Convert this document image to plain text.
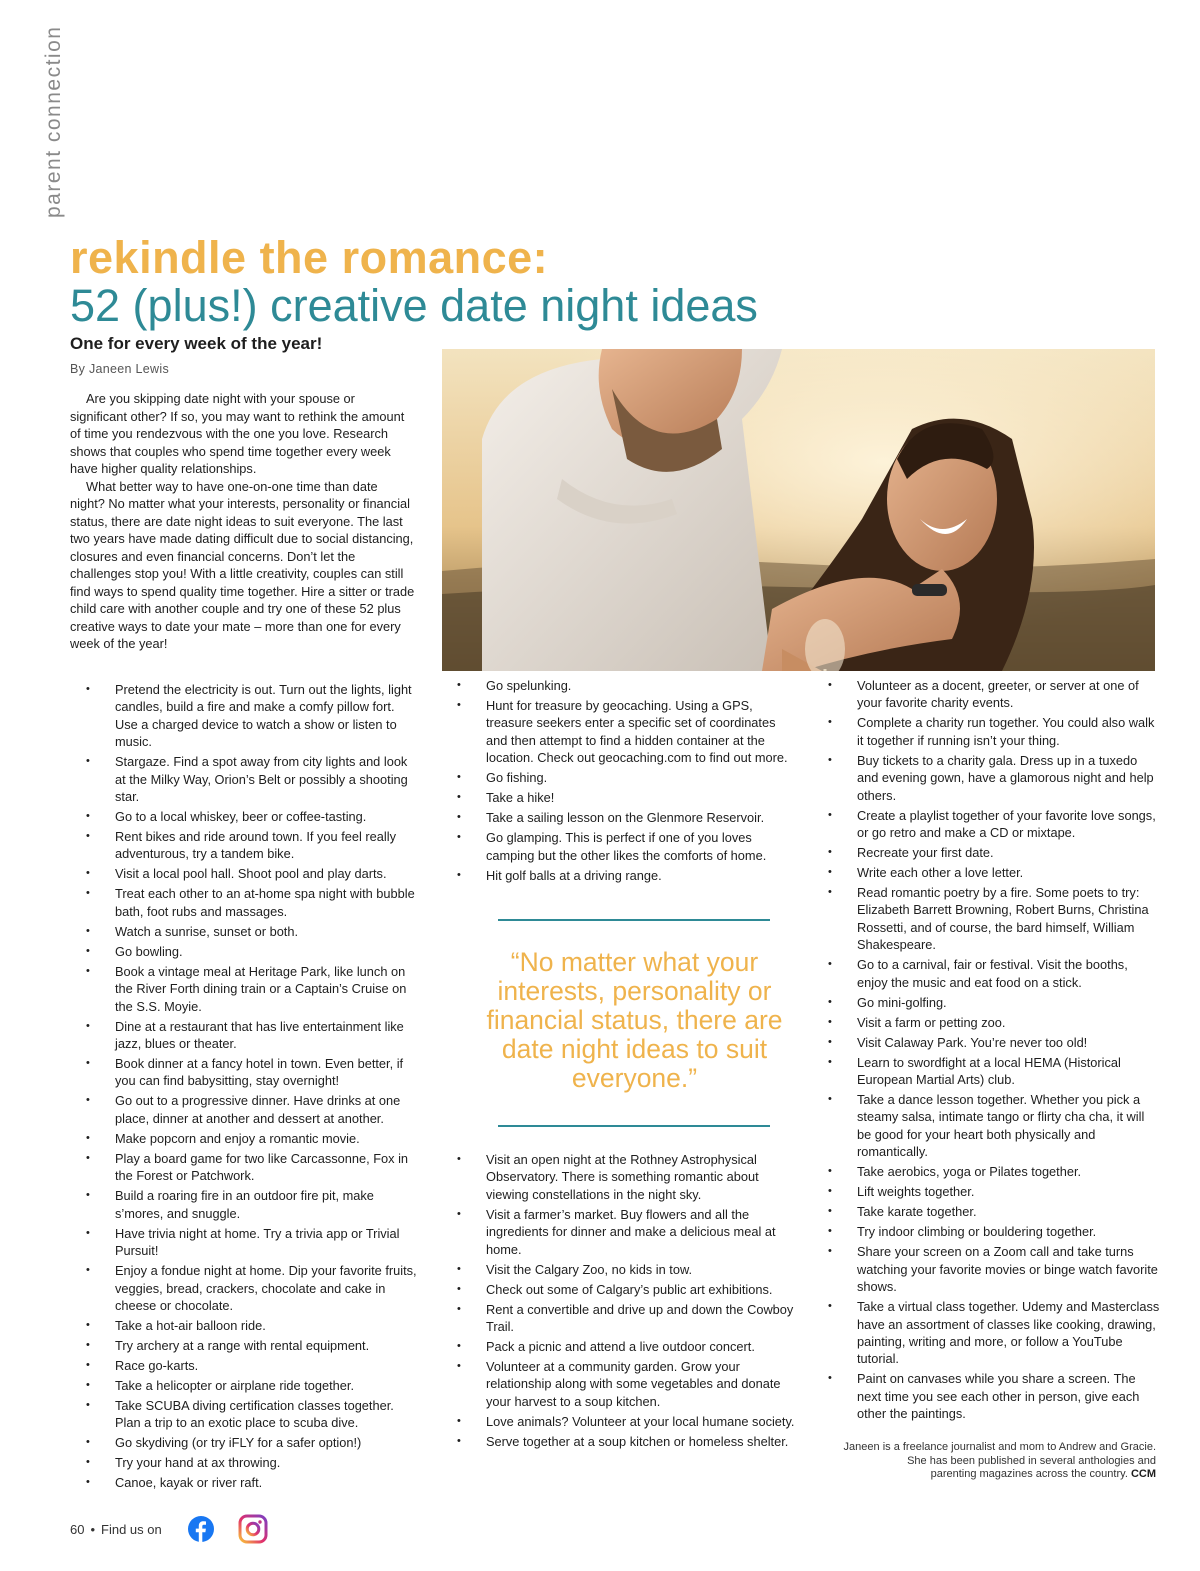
parent connection
rekindle the romance:
52 (plus!) creative date night ideas
One for every week of the year!
By Janeen Lewis

Are you skipping date night with your spouse or significant other? If so, you may want to rethink the amount of time you rendezvous with the one you love. Research shows that couples who spend time together every week have higher quality relationships.

What better way to have one-on-one time than date night? No matter what your interests, personality or financial status, there are date night ideas to suit everyone. The last two years have made dating difficult due to social distancing, closures and even financial concerns. Don’t let the challenges stop you! With a little creativity, couples can still find ways to spend quality time together. Hire a sitter or trade child care with another couple and try one of these 52 plus creative ways to date your mate – more than one for every week of the year!

• Pretend the electricity is out. Turn out the lights, light candles, build a fire and make a comfy pillow fort. Use a charged device to watch a show or listen to music.
• Stargaze. Find a spot away from city lights and look at the Milky Way, Orion’s Belt or possibly a shooting star.
• Go to a local whiskey, beer or coffee-tasting.
• Rent bikes and ride around town. If you feel really adventurous, try a tandem bike.
• Visit a local pool hall. Shoot pool and play darts.
• Treat each other to an at-home spa night with bubble bath, foot rubs and massages.
• Watch a sunrise, sunset or both.
• Go bowling.
• Book a vintage meal at Heritage Park, like lunch on the River Forth dining train or a Captain’s Cruise on the S.S. Moyie.
• Dine at a restaurant that has live entertainment like jazz, blues or theater.
• Book dinner at a fancy hotel in town. Even better, if you can find babysitting, stay overnight!
• Go out to a progressive dinner. Have drinks at one place, dinner at another and dessert at another.
• Make popcorn and enjoy a romantic movie.
• Play a board game for two like Carcassonne, Fox in the Forest or Patchwork.
• Build a roaring fire in an outdoor fire pit, make s’mores, and snuggle.
• Have trivia night at home. Try a trivia app or Trivial Pursuit!
• Enjoy a fondue night at home. Dip your favorite fruits, veggies, bread, crackers, chocolate and cake in cheese or chocolate.
• Take a hot-air balloon ride.
• Try archery at a range with rental equipment.
• Race go-karts.
• Take a helicopter or airplane ride together.
• Take SCUBA diving certification classes together. Plan a trip to an exotic place to scuba dive.
• Go skydiving (or try iFLY for a safer option!)
• Try your hand at ax throwing.
• Canoe, kayak or river raft.
• Go spelunking.
• Hunt for treasure by geocaching. Using a GPS, treasure seekers enter a specific set of coordinates and then attempt to find a hidden container at the location. Check out geocaching.com to find out more.
• Go fishing.
• Take a hike!
• Take a sailing lesson on the Glenmore Reservoir.
• Go glamping. This is perfect if one of you loves camping but the other likes the comforts of home.
• Hit golf balls at a driving range.
“No matter what your interests, personality or financial status, there are date night ideas to suit everyone.”
• Visit an open night at the Rothney Astrophysical Observatory. There is something romantic about viewing constellations in the night sky.
• Visit a farmer’s market. Buy flowers and all the ingredients for dinner and make a delicious meal at home.
• Visit the Calgary Zoo, no kids in tow.
• Check out some of Calgary’s public art exhibitions.
• Rent a convertible and drive up and down the Cowboy Trail.
• Pack a picnic and attend a live outdoor concert.
• Volunteer at a community garden. Grow your relationship along with some vegetables and donate your harvest to a soup kitchen.
• Love animals? Volunteer at your local humane society.
• Serve together at a soup kitchen or homeless shelter.
• Volunteer as a docent, greeter, or server at one of your favorite charity events.
• Complete a charity run together. You could also walk it together if running isn’t your thing.
• Buy tickets to a charity gala. Dress up in a tuxedo and evening gown, have a glamorous night and help others.
• Create a playlist together of your favorite love songs, or go retro and make a CD or mixtape.
• Recreate your first date.
• Write each other a love letter.
• Read romantic poetry by a fire. Some poets to try: Elizabeth Barrett Browning, Robert Burns, Christina Rossetti, and of course, the bard himself, William Shakespeare.
• Go to a carnival, fair or festival. Visit the booths, enjoy the music and eat food on a stick.
• Go mini-golfing.
• Visit a farm or petting zoo.
• Visit Calaway Park. You’re never too old!
• Learn to swordfight at a local HEMA (Historical European Martial Arts) club.
• Take a dance lesson together. Whether you pick a steamy salsa, intimate tango or flirty cha cha, it will be good for your heart both physically and romantically.
• Take aerobics, yoga or Pilates together.
• Lift weights together.
• Take karate together.
• Try indoor climbing or bouldering together.
• Share your screen on a Zoom call and take turns watching your favorite movies or binge watch favorite shows.
• Take a virtual class together. Udemy and Masterclass have an assortment of classes like cooking, drawing, painting, writing and more, or follow a YouTube tutorial.
• Paint on canvases while you share a screen. The next time you see each other in person, give each other the paintings.
Janeen is a freelance journalist and mom to Andrew and Gracie.
She has been published in several anthologies and
parenting magazines across the country. CCM
60 • Find us on
